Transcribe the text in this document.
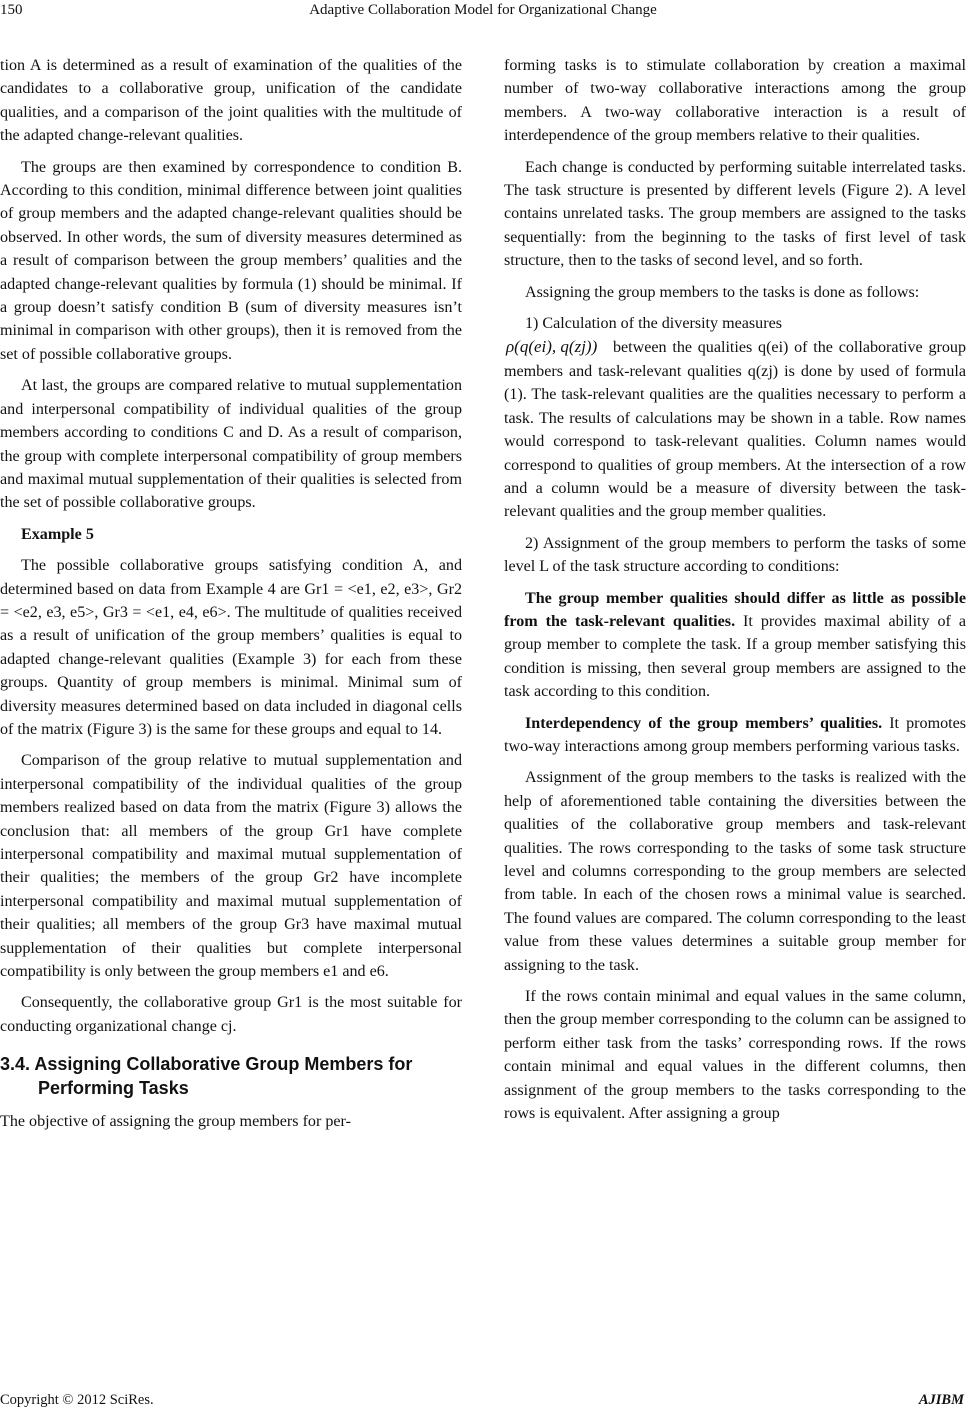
150	Adaptive Collaboration Model for Organizational Change

tion A is determined as a result of examination of the qualities of the candidates to a collaborative group, unification of the candidate qualities, and a comparison of the joint qualities with the multitude of the adapted change-relevant qualities.

The groups are then examined by correspondence to condition B. According to this condition, minimal difference between joint qualities of group members and the adapted change-relevant qualities should be observed. In other words, the sum of diversity measures determined as a result of comparison between the group members’ qualities and the adapted change-relevant qualities by formula (1) should be minimal. If a group doesn’t satisfy condition B (sum of diversity measures isn’t minimal in comparison with other groups), then it is removed from the set of possible collaborative groups.

At last, the groups are compared relative to mutual supplementation and interpersonal compatibility of individual qualities of the group members according to conditions C and D. As a result of comparison, the group with complete interpersonal compatibility of group members and maximal mutual supplementation of their qualities is selected from the set of possible collaborative groups.

Example 5

The possible collaborative groups satisfying condition A, and determined based on data from Example 4 are Gr1 = <e1, e2, e3>, Gr2 = <e2, e3, e5>, Gr3 = <e1, e4, e6>. The multitude of qualities received as a result of unification of the group members’ qualities is equal to adapted change-relevant qualities (Example 3) for each from these groups. Quantity of group members is minimal. Minimal sum of diversity measures determined based on data included in diagonal cells of the matrix (Figure 3) is the same for these groups and equal to 14.

Comparison of the group relative to mutual supplementation and interpersonal compatibility of the individual qualities of the group members realized based on data from the matrix (Figure 3) allows the conclusion that: all members of the group Gr1 have complete interpersonal compatibility and maximal mutual supplementation of their qualities; the members of the group Gr2 have incomplete interpersonal compatibility and maximal mutual supplementation of their qualities; all members of the group Gr3 have maximal mutual supplementation of their qualities but complete interpersonal compatibility is only between the group members e1 and e6.

Consequently, the collaborative group Gr1 is the most suitable for conducting organizational change cj.

3.4. Assigning Collaborative Group Members for Performing Tasks

The objective of assigning the group members for per-

forming tasks is to stimulate collaboration by creation a maximal number of two-way collaborative interactions among the group members. A two-way collaborative interaction is a result of interdependence of the group members relative to their qualities.

Each change is conducted by performing suitable interrelated tasks. The task structure is presented by different levels (Figure 2). A level contains unrelated tasks. The group members are assigned to the tasks sequentially: from the beginning to the tasks of first level of task structure, then to the tasks of second level, and so forth.

Assigning the group members to the tasks is done as follows:

1) Calculation of the diversity measures

ρ(q(ei), q(zj)) between the qualities q(ei) of the collaborative group members and task-relevant qualities q(zj) is done by used of formula (1). The task-relevant qualities are the qualities necessary to perform a task. The results of calculations may be shown in a table. Row names would correspond to task-relevant qualities. Column names would correspond to qualities of group members. At the intersection of a row and a column would be a measure of diversity between the task-relevant qualities and the group member qualities.

2) Assignment of the group members to perform the tasks of some level L of the task structure according to conditions:

The group member qualities should differ as little as possible from the task-relevant qualities. It provides maximal ability of a group member to complete the task. If a group member satisfying this condition is missing, then several group members are assigned to the task according to this condition.

Interdependency of the group members’ qualities. It promotes two-way interactions among group members performing various tasks.

Assignment of the group members to the tasks is realized with the help of aforementioned table containing the diversities between the qualities of the collaborative group members and task-relevant qualities. The rows corresponding to the tasks of some task structure level and columns corresponding to the group members are selected from table. In each of the chosen rows a minimal value is searched. The found values are compared. The column corresponding to the least value from these values determines a suitable group member for assigning to the task.

If the rows contain minimal and equal values in the same column, then the group member corresponding to the column can be assigned to perform either task from the tasks’ corresponding rows. If the rows contain minimal and equal values in the different columns, then assignment of the group members to the tasks corresponding to the rows is equivalent. After assigning a group

Copyright © 2012 SciRes.	AJIBM
